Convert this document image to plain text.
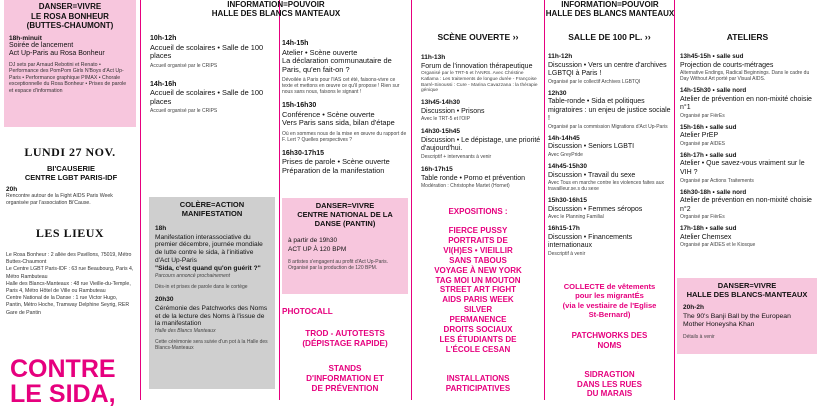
DANSER=VIVRE
LE ROSA BONHEUR
(BUTTES-CHAUMONT)
18h-minuit
Soirée de lancement
Act Up-Paris au Rosa Bonheur
DJ sets par Arnaud Rebotini et Renato • Performance des PomPom Girls N'Boys d'Act Up-Paris • Performance graphique PIMAX • Chorale exceptionnelle du Rosa Bonheur • Prises de parole et espace d'information
LUNDI 27 NOV.
BI'CAUSERIE
CENTRE LGBT PARIS-IDF
20h
Rencontre autour de la Fight AIDS Paris Week organisée par l'association Bi'Cause.
LES LIEUX
Le Rosa Bonheur : 2 allée des Pavillons, 75019, Métro Buttes-Chaumont
Le Centre LGBT Paris-IDF : 63 rue Beaubourg, Paris 4, Métro Rambuteau
Halle des Blancs-Manteaux : 48 rue Vieille-du-Temple, Paris 4, Métro Hôtel de Ville ou Rambuteau
Centre National de la Danse : 1 rue Victor Hugo, Pantin, Métro Hoche, Tramway Delphine Seyrig, RER Gare de Pantin
CONTRE
LE SIDA,
INFORMATION=POUVOIR
HALLE DES BLANCS MANTEAUX
10h-12h
Accueil de scolaires • Salle de 100 places
Accueil organisé par le CRIPS
14h-16h
Accueil de scolaires • Salle de 100 places
Accueil organisé par le CRIPS
COLÈRE=ACTION
MANIFESTATION
18h
Manifestation interassociative du premier décembre, journée mondiale de lutte contre le sida, à l'initiative d'Act Up-Paris
"Sida, c'est quand qu'on guérit ?"
Parcours annoncé prochainement
Dès-in et prises de parole dans le cortège
20h30
Cérémonie des Patchworks des Noms et de la lecture des Noms à l'issue de la manifestation
Halle des Blancs Manteaux
Cette cérémonie sera suivie d'un pot à la Halle des Blancs-Manteaux
14h-15h
Atelier • Scène ouverte
La déclaration communautaire de Paris, qu'en fait-on ?
Dévoilée à Paris pour l'IAS cet été, faisons-vivre ce texte et mettons en œuvre ce qu'il propose ! Rien sur nous sans nous, faisons le signant !
15h-16h30
Conférence • Scène ouverte
Vers Paris sans sida, bilan d'étape
Où en sommes nous de la mise en œuvre du rapport de F. Lert ? Quelles perspectives ?
16h30-17h15
Prises de parole • Scène ouverte
Préparation de la manifestation
DANSER=VIVRE
CENTRE NATIONAL DE LA
DANSE (PANTIN)
à partir de 19h30
ACT UP À 120 BPM
8 artistes s'engagent au profit d'Act Up-Paris. Organisé par la production de 120 BPM.
PHOTOCALL
TROD - AUTOTESTS
(DÉPISTAGE RAPIDE)
STANDS
D'INFORMATION ET
DE PRÉVENTION
SCÈNE OUVERTE ››
11h-13h
Forum de l'innovation thérapeutique
Organisé par le TRT-5 et l'ANRS. Avec Christine Katlama : Les traitements de longue durée - Françoise Barré-Sinoussi : Cure - Marina Cavazzana : la thérapie génique
13h45-14h30
Discussion • Prisons
Avec le TRT-5 et l'OIP
14h30-15h45
Discussion • Le dépistage, une priorité d'aujourd'hui.
Descriptif + intervenants à venir
16h-17h15
Table ronde • Porno et prévention
Modération : Christophe Martet (Hornet)
EXPOSITIONS :
FIERCE PUSSY
PORTRAITS DE
VI(H)ES • VIEILLIR
SANS TABOUS
VOYAGE À NEW YORK
TAG MOI UN MOUTON
STREET ART FIGHT
AIDS PARIS WEEK
SILVER
PERMANENCE
DROITS SOCIAUX
LES ÉTUDIANTS DE
L'ÉCOLE CESAN
INSTALLATIONS
PARTICIPATIVES
INFORMATION=POUVOIR
HALLE DES BLANCS MANTEAUX
SALLE DE 100 PL. ››
11h-12h
Discussion • Vers un centre d'archives LGBTQI à Paris !
Organisé par le collectif Archives LGBTQI
12h30
Table-ronde • Sida et politiques migratoires : un enjeu de justice sociale !
Organisé par la commission Migrations d'Act Up-Paris
14h-14h45
Discussion • Seniors LGBTI
Avec GreyPride
14h45-15h30
Discussion • Travail du sexe
Avec Tous en marche contre les violences faites aux travailleur.se.s du sexe
15h30-16h15
Discussion • Femmes séropos
Avec le Planning Familial
16h15-17h
Discussion • Financements internationaux
Descriptif à venir
COLLECTE de vêtements
pour les migrantÉs
(via le vestiaire de l'Eglise
St-Bernard)
PATCHWORKS DES
NOMS
SIDRAGTION
DANS LES RUES
DU MARAIS
ATELIERS
13h45-15h • salle sud
Projection de courts-métrages
Alternative Endings, Radical Beginnings. Dans le cadre du Day Without Art porté par Visual AIDS.
14h-15h30 • salle nord
Atelier de prévention en non-mixité choisie n°1
Organisé par FièrEs
15h-16h • salle sud
Atelier PrEP
Organisé par AIDES
16h-17h • salle sud
Atelier • Que savez-vous vraiment sur le VIH ?
Organisé par Actions Traitements
16h30-18h • salle nord
Atelier de prévention en non-mixité choisie n°2
Organisé par FièrEs
17h-18h • salle sud
Atelier Chemsex
Organisé par AIDES et le Kiosque
DANSER=VIVRE
HALLE DES BLANCS-MANTEAUX
20h-2h
The 90's Banji Ball by the European Mother Honeysha Khan
Détails à venir
